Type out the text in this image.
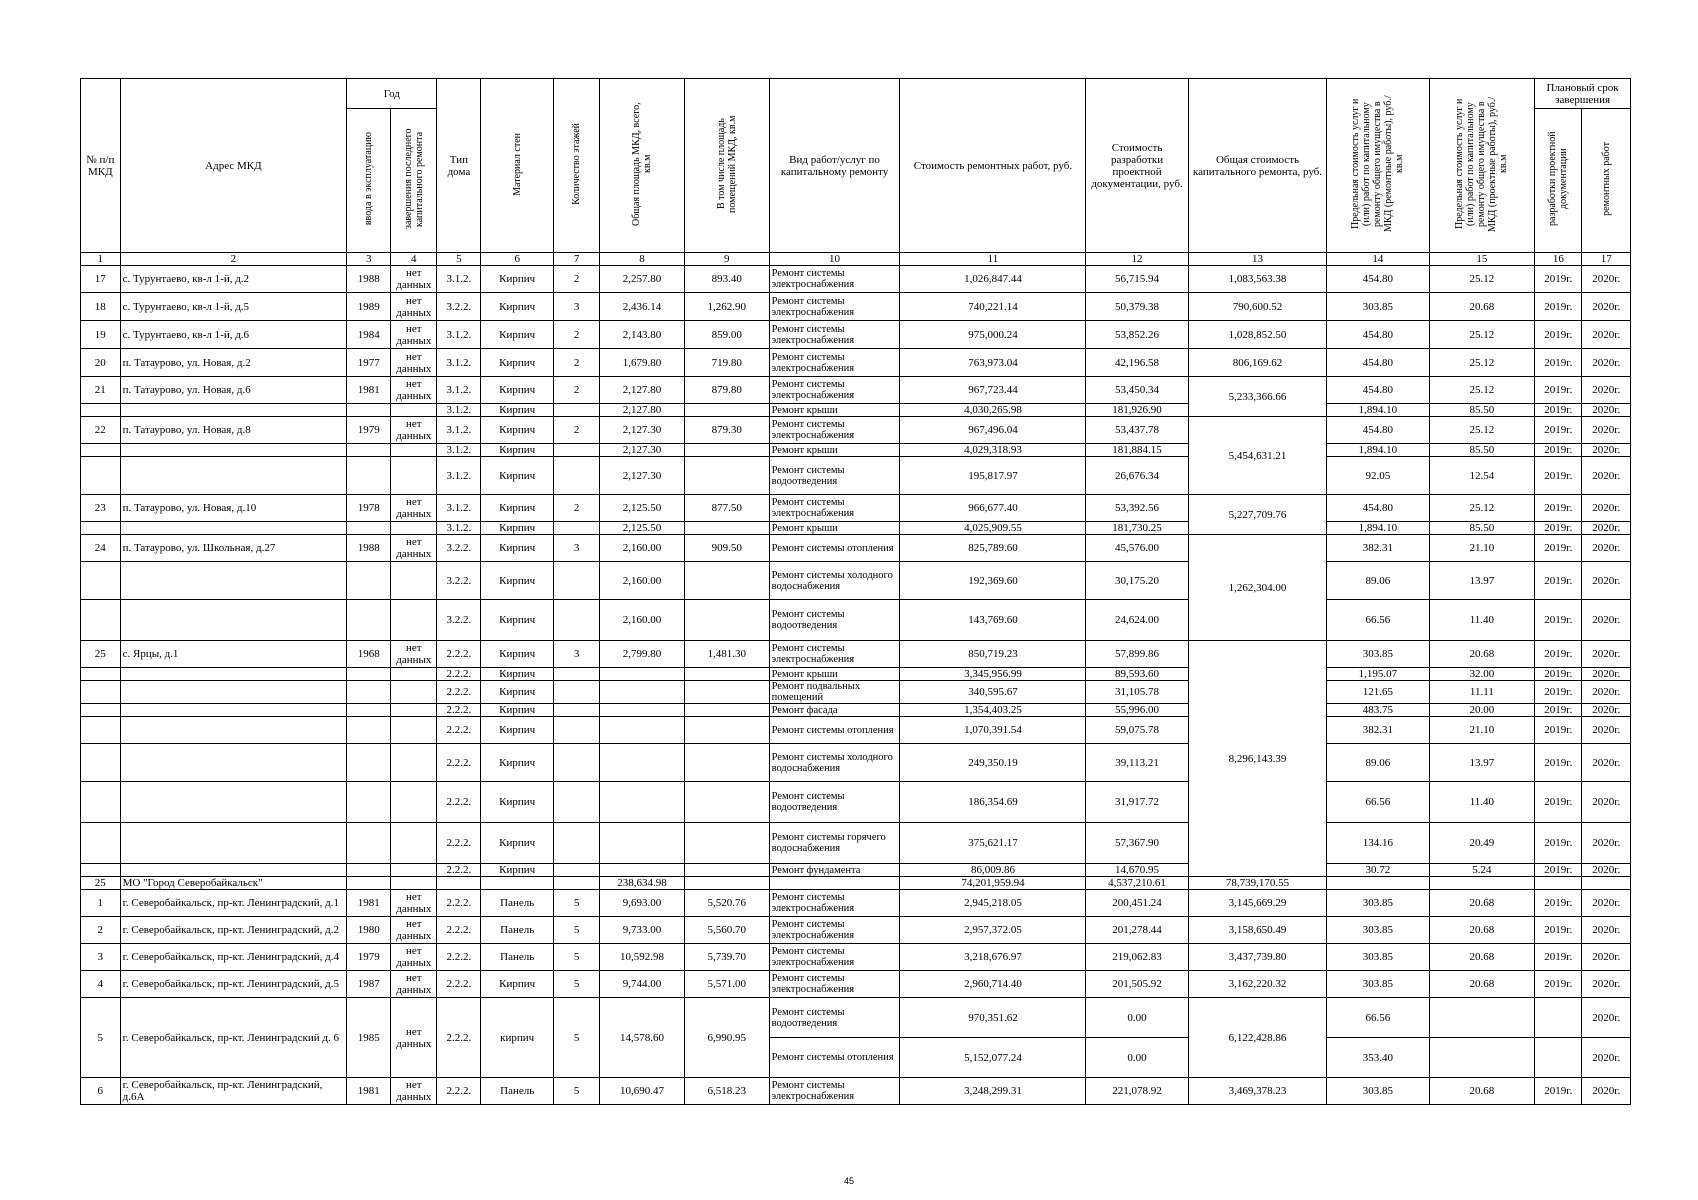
№ п/п МКД	Адрес МКД	Год		Тип дома	Материал стен	Количество этажей	Общая площадь МКД, всего, кв.м	В том числе площадь помещений МКД, кв.м	Вид работ/услуг по капитальному ремонту	Стоимость ремонтных работ, руб.	Стоимость разработки проектной документации, руб.	Общая стоимость капитального ремонта, руб.	Предельная стоимость услуг и (или) работ по капитальному ремонту общего имущества в МКД (ремонтные работы), руб./кв.м	Предельная стоимость услуг и (или) работ по капитальному ремонту общего имущества в МКД (проектные работы), руб./кв.м	Плановый срок завершения	
		ввода в эксплуатацию	завершения последнего капитального ремонта												разработки проектной документации	ремонтных работ
1	2	3	4	5	6	7	8	9	10	11	12	13	14	15	16	17
17	с. Турунтаево, кв-л 1-й, д.2	1988	нет данных	3.1.2.	Кирпич	2	2,257.80	893.40	Ремонт системы электроснабжения	1,026,847.44	56,715.94	1,083,563.38	454.80	25.12	2019г.	2020г.
18	с. Турунтаево, кв-л 1-й, д.5	1989	нет данных	3.2.2.	Кирпич	3	2,436.14	1,262.90	Ремонт системы электроснабжения	740,221.14	50,379.38	790,600.52	303.85	20.68	2019г.	2020г.
19	с. Турунтаево, кв-л 1-й, д.6	1984	нет данных	3.1.2.	Кирпич	2	2,143.80	859.00	Ремонт системы электроснабжения	975,000.24	53,852.26	1,028,852.50	454.80	25.12	2019г.	2020г.
20	п. Татаурово, ул. Новая, д.2	1977	нет данных	3.1.2.	Кирпич	2	1,679.80	719.80	Ремонт системы электроснабжения	763,973.04	42,196.58	806,169.62	454.80	25.12	2019г.	2020г.
21	п. Татаурово, ул. Новая, д.6	1981	нет данных	3.1.2.	Кирпич	2	2,127.80	879.80	Ремонт системы электроснабжения	967,723.44	53,450.34	5,233,366.66	454.80	25.12	2019г.	2020г.
				3.1.2.	Кирпич		2,127.80		Ремонт крыши	4,030,265.98	181,926.90		1,894.10	85.50	2019г.	2020г.
22	п. Татаурово, ул. Новая, д.8	1979	нет данных	3.1.2.	Кирпич	2	2,127.30	879.30	Ремонт системы электроснабжения	967,496.04	53,437.78	5,454,631.21	454.80	25.12	2019г.	2020г.
				3.1.2.	Кирпич		2,127.30		Ремонт крыши	4,029,318.93	181,884.15		1,894.10	85.50	2019г.	2020г.
				3.1.2.	Кирпич		2,127.30		Ремонт системы водоотведения	195,817.97	26,676.34		92.05	12.54	2019г.	2020г.
23	п. Татаурово, ул. Новая, д.10	1978	нет данных	3.1.2.	Кирпич	2	2,125.50	877.50	Ремонт системы электроснабжения	966,677.40	53,392.56	5,227,709.76	454.80	25.12	2019г.	2020г.
				3.1.2.	Кирпич		2,125.50		Ремонт крыши	4,025,909.55	181,730.25		1,894.10	85.50	2019г.	2020г.
24	п. Татаурово, ул. Школьная, д.27	1988	нет данных	3.2.2.	Кирпич	3	2,160.00	909.50	Ремонт системы отопления	825,789.60	45,576.00	1,262,304.00	382.31	21.10	2019г.	2020г.
				3.2.2.	Кирпич		2,160.00		Ремонт системы холодного водоснабжения	192,369.60	30,175.20		89.06	13.97	2019г.	2020г.
				3.2.2.	Кирпич		2,160.00		Ремонт системы водоотведения	143,769.60	24,624.00		66.56	11.40	2019г.	2020г.
25	с. Ярцы, д.1	1968	нет данных	2.2.2.	Кирпич	3	2,799.80	1,481.30	Ремонт системы электроснабжения	850,719.23	57,899.86	8,296,143.39	303.85	20.68	2019г.	2020г.
				2.2.2.	Кирпич				Ремонт крыши	3,345,956.99	89,593.60		1,195.07	32.00	2019г.	2020г.
				2.2.2.	Кирпич				Ремонт подвальных помещений	340,595.67	31,105.78		121.65	11.11	2019г.	2020г.
				2.2.2.	Кирпич				Ремонт фасада	1,354,403.25	55,996.00		483.75	20.00	2019г.	2020г.
				2.2.2.	Кирпич				Ремонт системы отопления	1,070,391.54	59,075.78		382.31	21.10	2019г.	2020г.
				2.2.2.	Кирпич				Ремонт системы холодного водоснабжения	249,350.19	39,113.21		89.06	13.97	2019г.	2020г.
				2.2.2.	Кирпич				Ремонт системы водоотведения	186,354.69	31,917.72		66.56	11.40	2019г.	2020г.
				2.2.2.	Кирпич				Ремонт системы горячего водоснабжения	375,621.17	57,367.90		134.16	20.49	2019г.	2020г.
				2.2.2.	Кирпич				Ремонт фундамента	86,009.86	14,670.95		30.72	5.24	2019г.	2020г.
25	МО "Город Северобайкальск"						238,634.98			74,201,959.94	4,537,210.61	78,739,170.55				
1	г. Северобайкальск, пр-кт. Ленинградский, д.1	1981	нет данных	2.2.2.	Панель	5	9,693.00	5,520.76	Ремонт системы электроснабжения	2,945,218.05	200,451.24	3,145,669.29	303.85	20.68	2019г.	2020г.
2	г. Северобайкальск, пр-кт. Ленинградский, д.2	1980	нет данных	2.2.2.	Панель	5	9,733.00	5,560.70	Ремонт системы электроснабжения	2,957,372.05	201,278.44	3,158,650.49	303.85	20.68	2019г.	2020г.
3	г. Северобайкальск, пр-кт. Ленинградский, д.4	1979	нет данных	2.2.2.	Панель	5	10,592.98	5,739.70	Ремонт системы электроснабжения	3,218,676.97	219,062.83	3,437,739.80	303.85	20.68	2019г.	2020г.
4	г. Северобайкальск, пр-кт. Ленинградский, д.5	1987	нет данных	2.2.2.	Кирпич	5	9,744.00	5,571.00	Ремонт системы электроснабжения	2,960,714.40	201,505.92	3,162,220.32	303.85	20.68	2019г.	2020г.
5	г. Северобайкальск, пр-кт. Ленинградский д. 6	1985	нет данных	2.2.2.	кирпич	5	14,578.60	6,990.95	Ремонт системы водоотведения	970,351.62	0.00	6,122,428.86	66.56			2020г.
									Ремонт системы отопления	5,152,077.24	0.00		353.40			2020г.
6	г. Северобайкальск, пр-кт. Ленинградский, д.6А	1981	нет данных	2.2.2.	Панель	5	10,690.47	6,518.23	Ремонт системы электроснабжения	3,248,299.31	221,078.92	3,469,378.23	303.85	20.68	2019г.	2020г.
45
